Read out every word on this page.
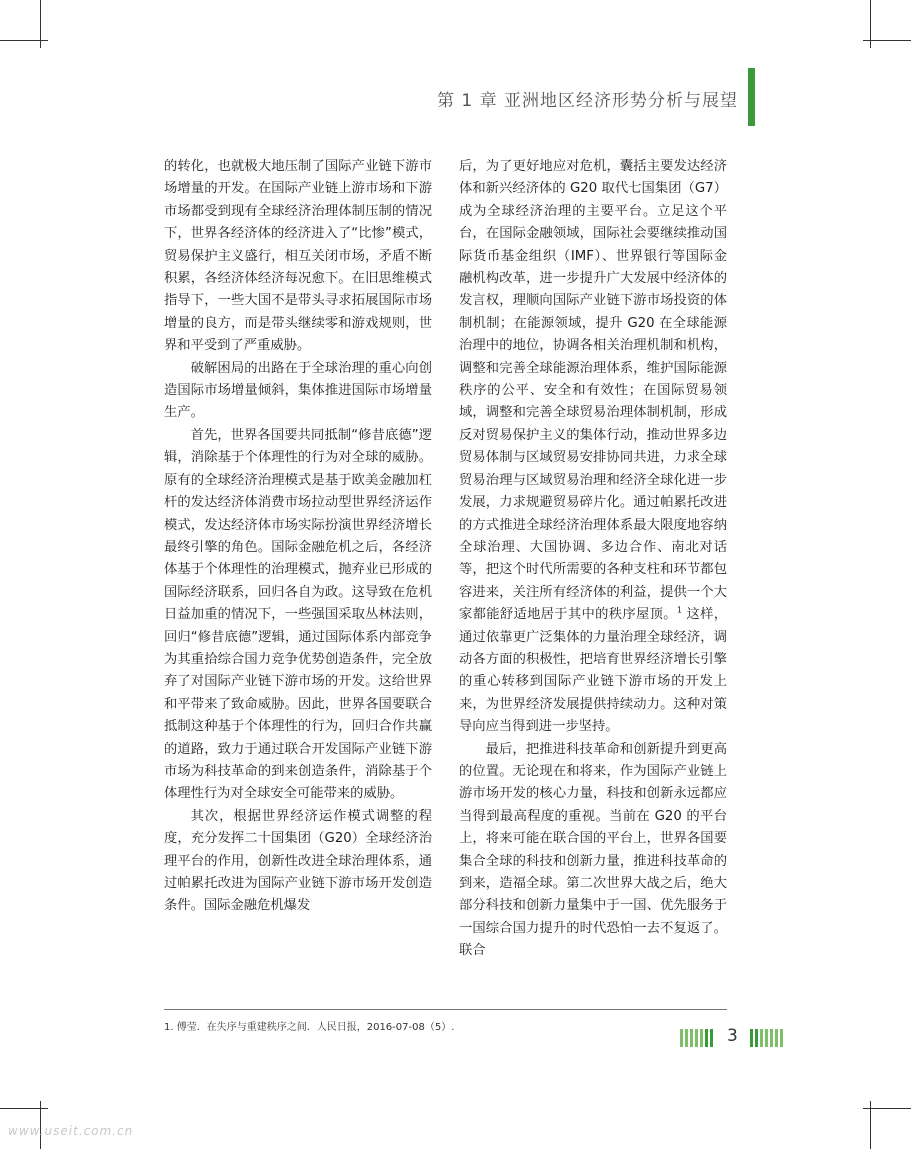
第 1 章 亚洲地区经济形势分析与展望

的转化，也就极大地压制了国际产业链下游市场增量的开发。在国际产业链上游市场和下游市场都受到现有全球经济治理体制压制的情况下，世界各经济体的经济进入了“比惨”模式，贸易保护主义盛行，相互关闭市场，矛盾不断积累，各经济体经济每况愈下。在旧思维模式指导下，一些大国不是带头寻求拓展国际市场增量的良方，而是带头继续零和游戏规则，世界和平受到了严重威胁。

破解困局的出路在于全球治理的重心向创造国际市场增量倾斜，集体推进国际市场增量生产。

首先，世界各国要共同抵制“修昔底德”逻辑，消除基于个体理性的行为对全球的威胁。原有的全球经济治理模式是基于欧美金融加杠杆的发达经济体消费市场拉动型世界经济运作模式，发达经济体市场实际扮演世界经济增长最终引擎的角色。国际金融危机之后，各经济体基于个体理性的治理模式，抛弃业已形成的国际经济联系，回归各自为政。这导致在危机日益加重的情况下，一些强国采取丛林法则，回归“修昔底德”逻辑，通过国际体系内部竞争为其重拾综合国力竞争优势创造条件，完全放弃了对国际产业链下游市场的开发。这给世界和平带来了致命威胁。因此，世界各国要联合抵制这种基于个体理性的行为，回归合作共赢的道路，致力于通过联合开发国际产业链下游市场为科技革命的到来创造条件，消除基于个体理性行为对全球安全可能带来的威胁。

其次，根据世界经济运作模式调整的程度，充分发挥二十国集团（G20）全球经济治理平台的作用，创新性改进全球治理体系，通过帕累托改进为国际产业链下游市场开发创造条件。国际金融危机爆发

后，为了更好地应对危机，囊括主要发达经济体和新兴经济体的 G20 取代七国集团（G7）成为全球经济治理的主要平台。立足这个平台，在国际金融领域，国际社会要继续推动国际货币基金组织（IMF）、世界银行等国际金融机构改革，进一步提升广大发展中经济体的发言权，理顺向国际产业链下游市场投资的体制机制；在能源领域，提升 G20 在全球能源治理中的地位，协调各相关治理机制和机构，调整和完善全球能源治理体系，维护国际能源秩序的公平、安全和有效性；在国际贸易领域，调整和完善全球贸易治理体制机制，形成反对贸易保护主义的集体行动，推动世界多边贸易体制与区域贸易安排协同共进，力求全球贸易治理与区域贸易治理和经济全球化进一步发展，力求规避贸易碎片化。通过帕累托改进的方式推进全球经济治理体系最大限度地容纳全球治理、大国协调、多边合作、南北对话等，把这个时代所需要的各种支柱和环节都包容进来，关注所有经济体的利益，提供一个大家都能舒适地居于其中的秩序屋顶。$^1$ 这样，通过依靠更广泛集体的力量治理全球经济，调动各方面的积极性，把培育世界经济增长引擎的重心转移到国际产业链下游市场的开发上来，为世界经济发展提供持续动力。这种对策导向应当得到进一步坚持。

最后，把推进科技革命和创新提升到更高的位置。无论现在和将来，作为国际产业链上游市场开发的核心力量，科技和创新永远都应当得到最高程度的重视。当前在 G20 的平台上，将来可能在联合国的平台上，世界各国要集合全球的科技和创新力量，推进科技革命的到来，造福全球。第二次世界大战之后，绝大部分科技和创新力量集中于一国、优先服务于一国综合国力提升的时代恐怕一去不复返了。联合

1. 傅莹．在失序与重建秩序之间．人民日报，2016-07-08（5）.	3
www.useit.com.cn
